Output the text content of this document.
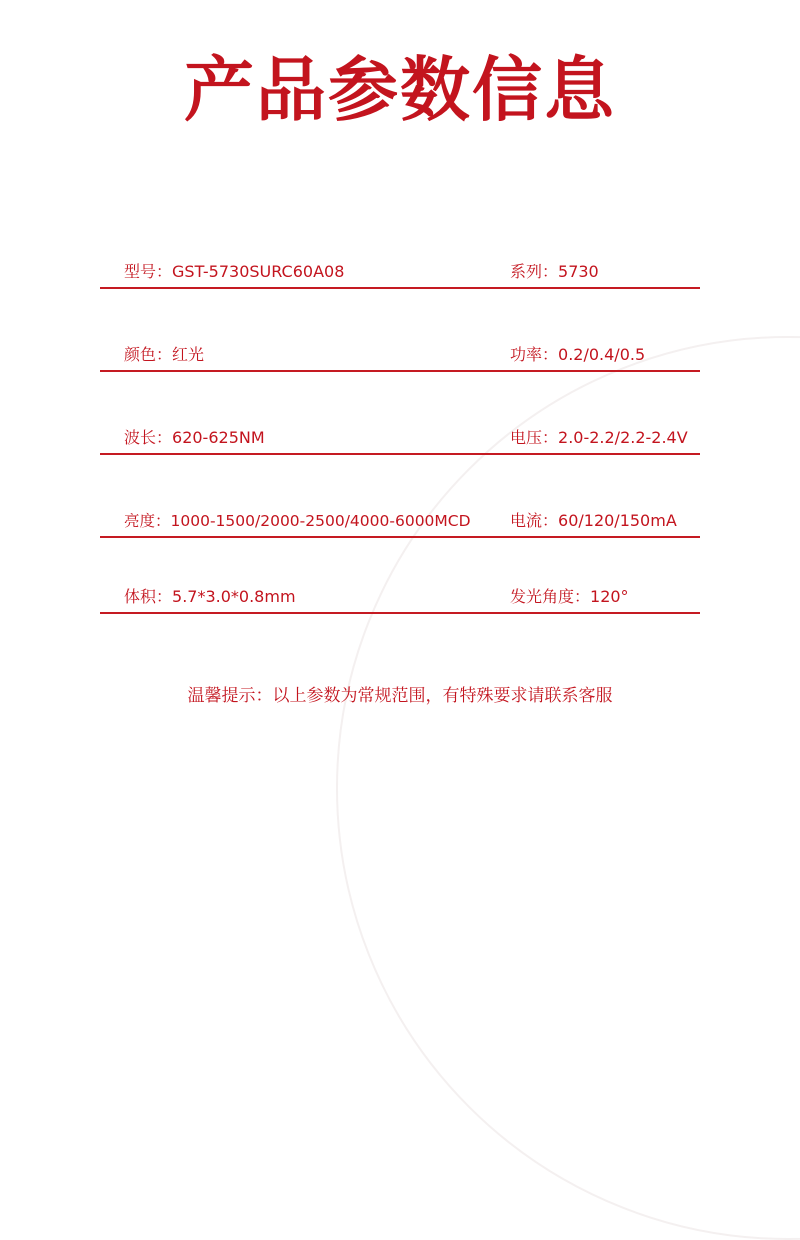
产品参数信息
型号：GST-5730SURC60A08	系列：5730
颜色：红光	功率：0.2/0.4/0.5
波长：620-625NM	电压：2.0-2.2/2.2-2.4V
亮度：1000-1500/2000-2500/4000-6000MCD 电流：60/120/150mA
体积：5.7*3.0*0.8mm	发光角度：120°
温馨提示：以上参数为常规范围，有特殊要求请联系客服
